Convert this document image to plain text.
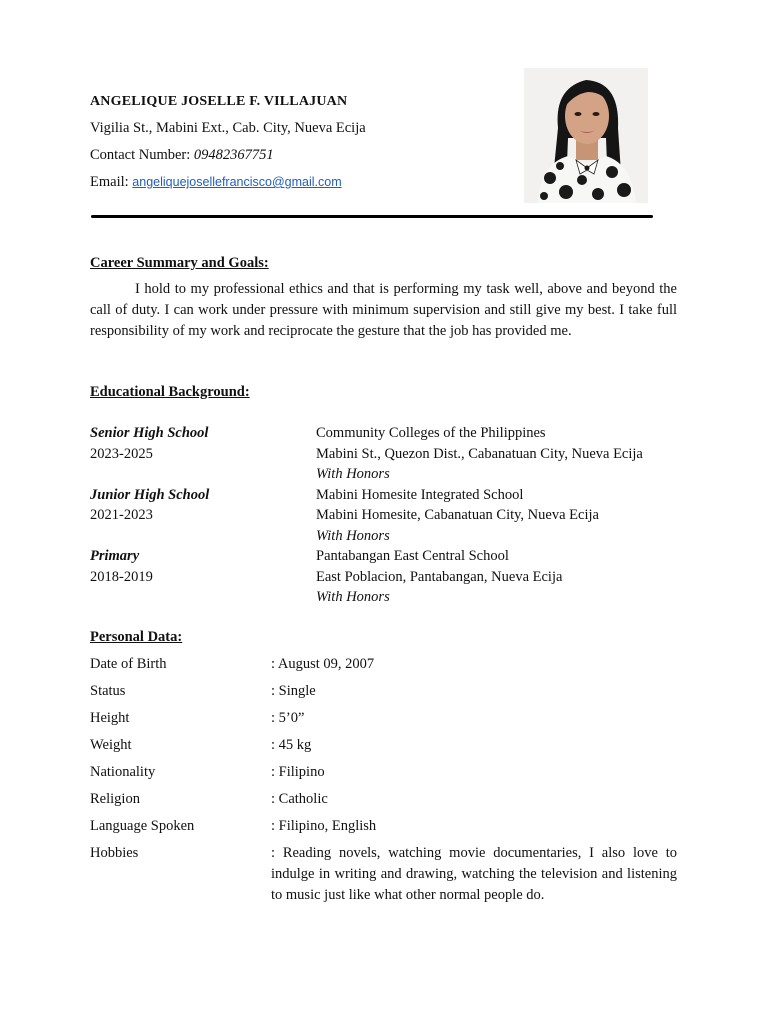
ANGELIQUE JOSELLE F. VILLAJUAN
Vigilia St., Mabini Ext., Cab. City, Nueva Ecija
Contact Number: 09482367751
Email: angeliquejosellefrancisco@gmail.com
Career Summary and Goals:

I hold to my professional ethics and that is performing my task well, above and beyond the call of duty. I can work under pressure with minimum supervision and still give my best. I take full responsibility of my work and reciprocate the gesture that the job has provided me.

Educational Background:
Senior High School	Community Colleges of the Philippines
2023-2025	Mabini St., Quezon Dist., Cabanatuan City, Nueva Ecija
With Honors
Junior High School	Mabini Homesite Integrated School
2021-2023	Mabini Homesite, Cabanatuan City, Nueva Ecija
With Honors
Primary	Pantabangan East Central School
2018-2019	East Poblacion, Pantabangan, Nueva Ecija
With Honors
Personal Data:
Date of Birth	: August 09, 2007
Status	: Single
Height	: 5’0”
Weight	: 45 kg
Nationality	: Filipino
Religion	: Catholic
Language Spoken	: Filipino, English
Hobbies	: Reading novels, watching movie documentaries, I also love to indulge in writing and drawing, watching the television and listening to music just like what other normal people do.
